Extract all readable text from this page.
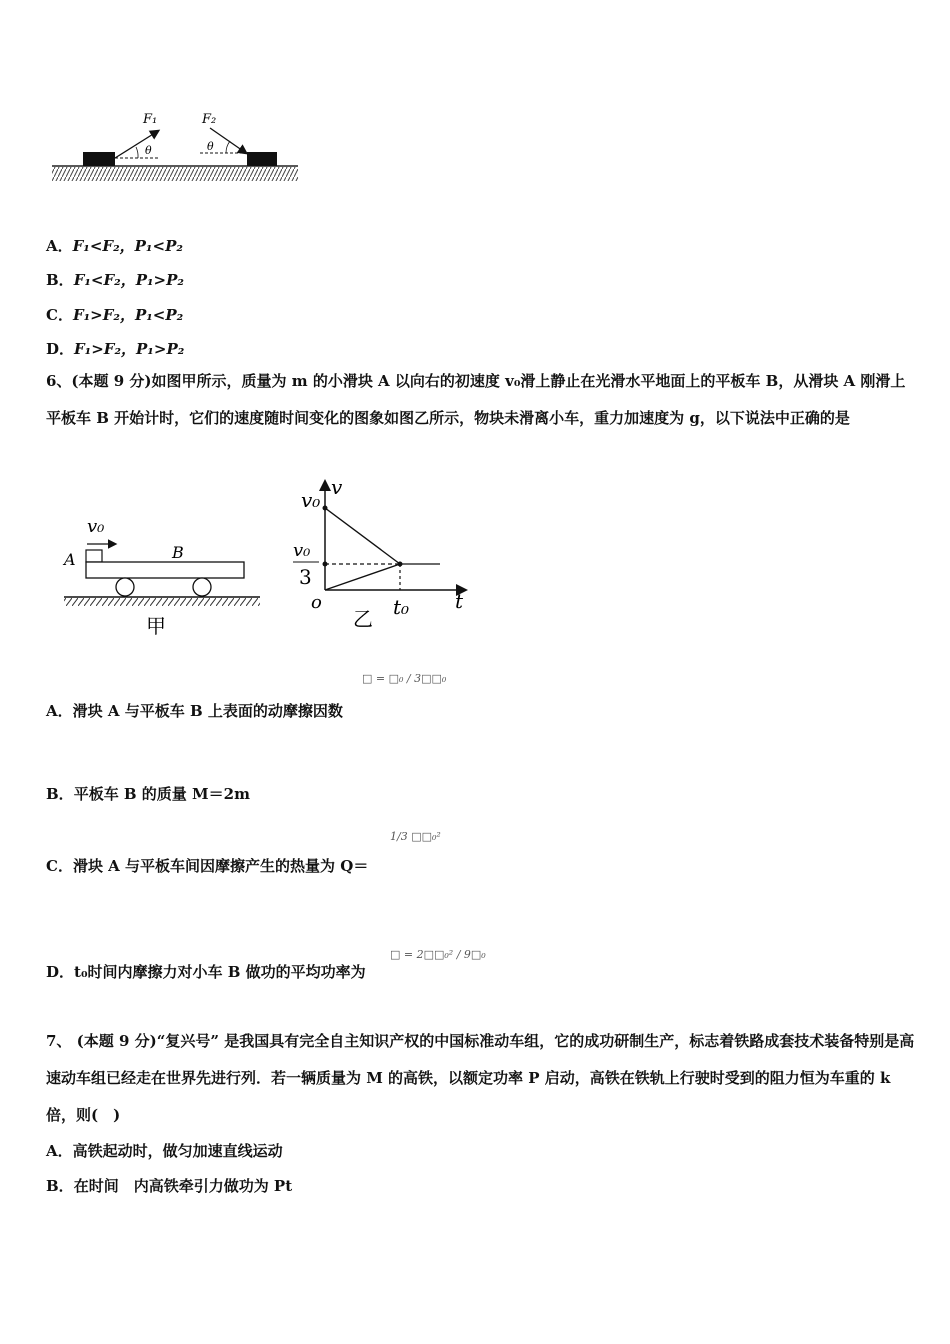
F₁
θ
F₂
θ
A．F₁<F₂，P₁<P₂
B．F₁<F₂，P₁>P₂
C．F₁>F₂，P₁<P₂
D．F₁>F₂，P₁>P₂
6、(本题 9 分)如图甲所示，质量为 m 的小滑块 A 以向右的初速度 v₀滑上静止在光滑水平地面上的平板车 B，从滑块 A 刚滑上平板车 B 开始计时，它们的速度随时间变化的图象如图乙所示，物块未滑离小车，重力加速度为 g，以下说法中正确的是
v₀
A	B
甲
v
v₀
v₀
3
o	t₀ t
乙
□ = □₀ / 3□□₀
A．滑块 A 与平板车 B 上表面的动摩擦因数
B．平板车 B 的质量 M＝2m
1/3 □□₀²
C．滑块 A 与平板车间因摩擦产生的热量为 Q＝
□ = 2□□₀² / 9□₀
D．t₀时间内摩擦力对小车 B 做功的平均功率为
7、 (本题 9 分)“复兴号” 是我国具有完全自主知识产权的中国标准动车组，它的成功研制生产，标志着铁路成套技术装备特别是高速动车组已经走在世界先进行列．若一辆质量为 M 的高铁，以额定功率 P 启动，高铁在铁轨上行驶时受到的阻力恒为车重的 k 倍，则(　)
A．高铁起动时，做匀加速直线运动
B．在时间　内高铁牵引力做功为 Pt
